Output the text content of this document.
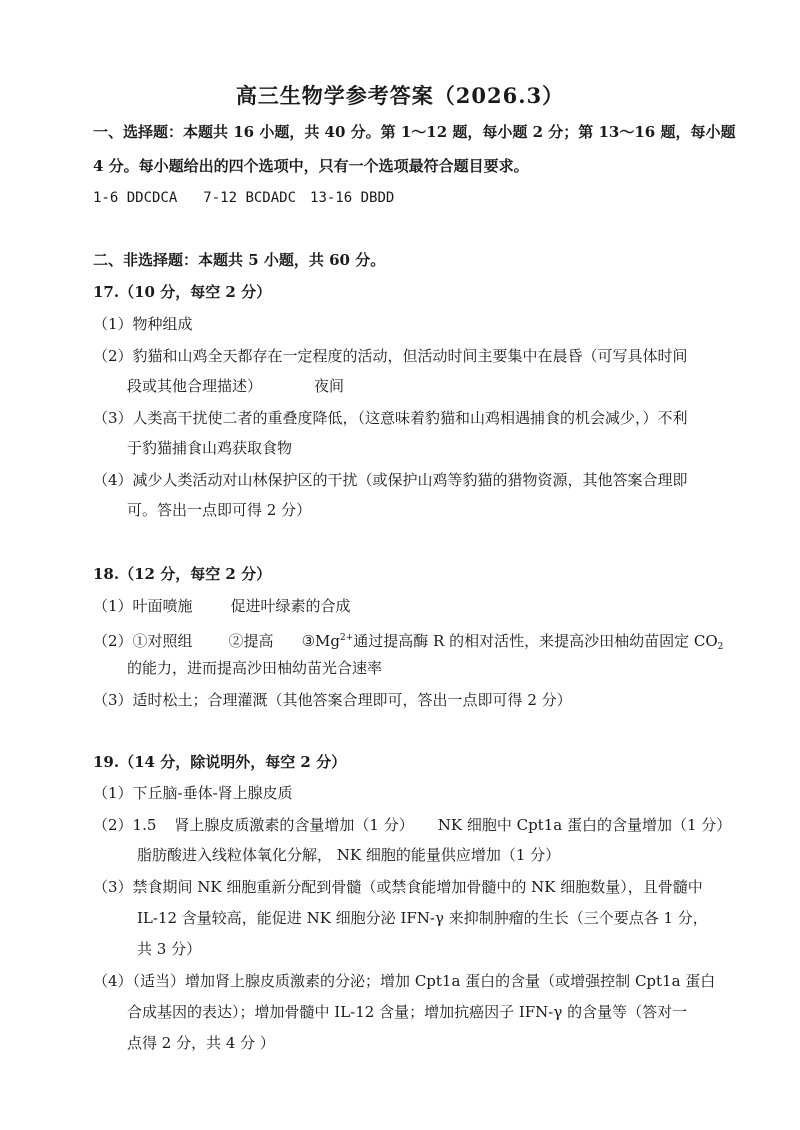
高三生物学参考答案（2026.3）
一、选择题：本题共 16 小题，共 40 分。第 1～12 题，每小题 2 分；第 13～16 题，每小题
4 分。每小题给出的四个选项中，只有一个选项最符合题目要求。
1-6 DDCDCA 7-12 BCDADC 13-16 DBDD
二、非选择题：本题共 5 小题，共 60 分。
17.（10 分，每空 2 分）
（1）物种组成
（2）豹猫和山鸡全天都存在一定程度的活动，但活动时间主要集中在晨昏（可写具体时间
段或其他合理描述）	夜间
（3）人类高干扰使二者的重叠度降低，（这意味着豹猫和山鸡相遇捕食的机会减少，）不利
于豹猫捕食山鸡获取食物
（4）减少人类活动对山林保护区的干扰（或保护山鸡等豹猫的猎物资源，其他答案合理即
可。答出一点即可得 2 分）
18.（12 分，每空 2 分）
（1）叶面喷施	促进叶绿素的合成
（2）①对照组 ②提高 $③Mg^{2+}$通过提高酶 R 的相对活性，来提高沙田柚幼苗固定 $CO_2$
的能力，进而提高沙田柚幼苗光合速率
（3）适时松土；合理灌溉（其他答案合理即可，答出一点即可得 2 分）
19.（14 分，除说明外，每空 2 分）
（1）下丘脑-垂体-肾上腺皮质
（2）1.5 肾上腺皮质激素的含量增加（1 分） NK 细胞中 Cpt1a 蛋白的含量增加（1 分）
脂肪酸进入线粒体氧化分解， NK 细胞的能量供应增加（1 分）
（3）禁食期间 NK 细胞重新分配到骨髓（或禁食能增加骨髓中的 NK 细胞数量），且骨髓中
IL-12 含量较高，能促进 NK 细胞分泌 IFN-γ 来抑制肿瘤的生长（三个要点各 1 分，
共 3 分）
（4）（适当）增加肾上腺皮质激素的分泌；增加 Cpt1a 蛋白的含量（或增强控制 Cpt1a 蛋白
合成基因的表达）；增加骨髓中 IL-12 含量；增加抗癌因子 IFN-γ 的含量等（答对一
点得 2 分，共 4 分 ）
